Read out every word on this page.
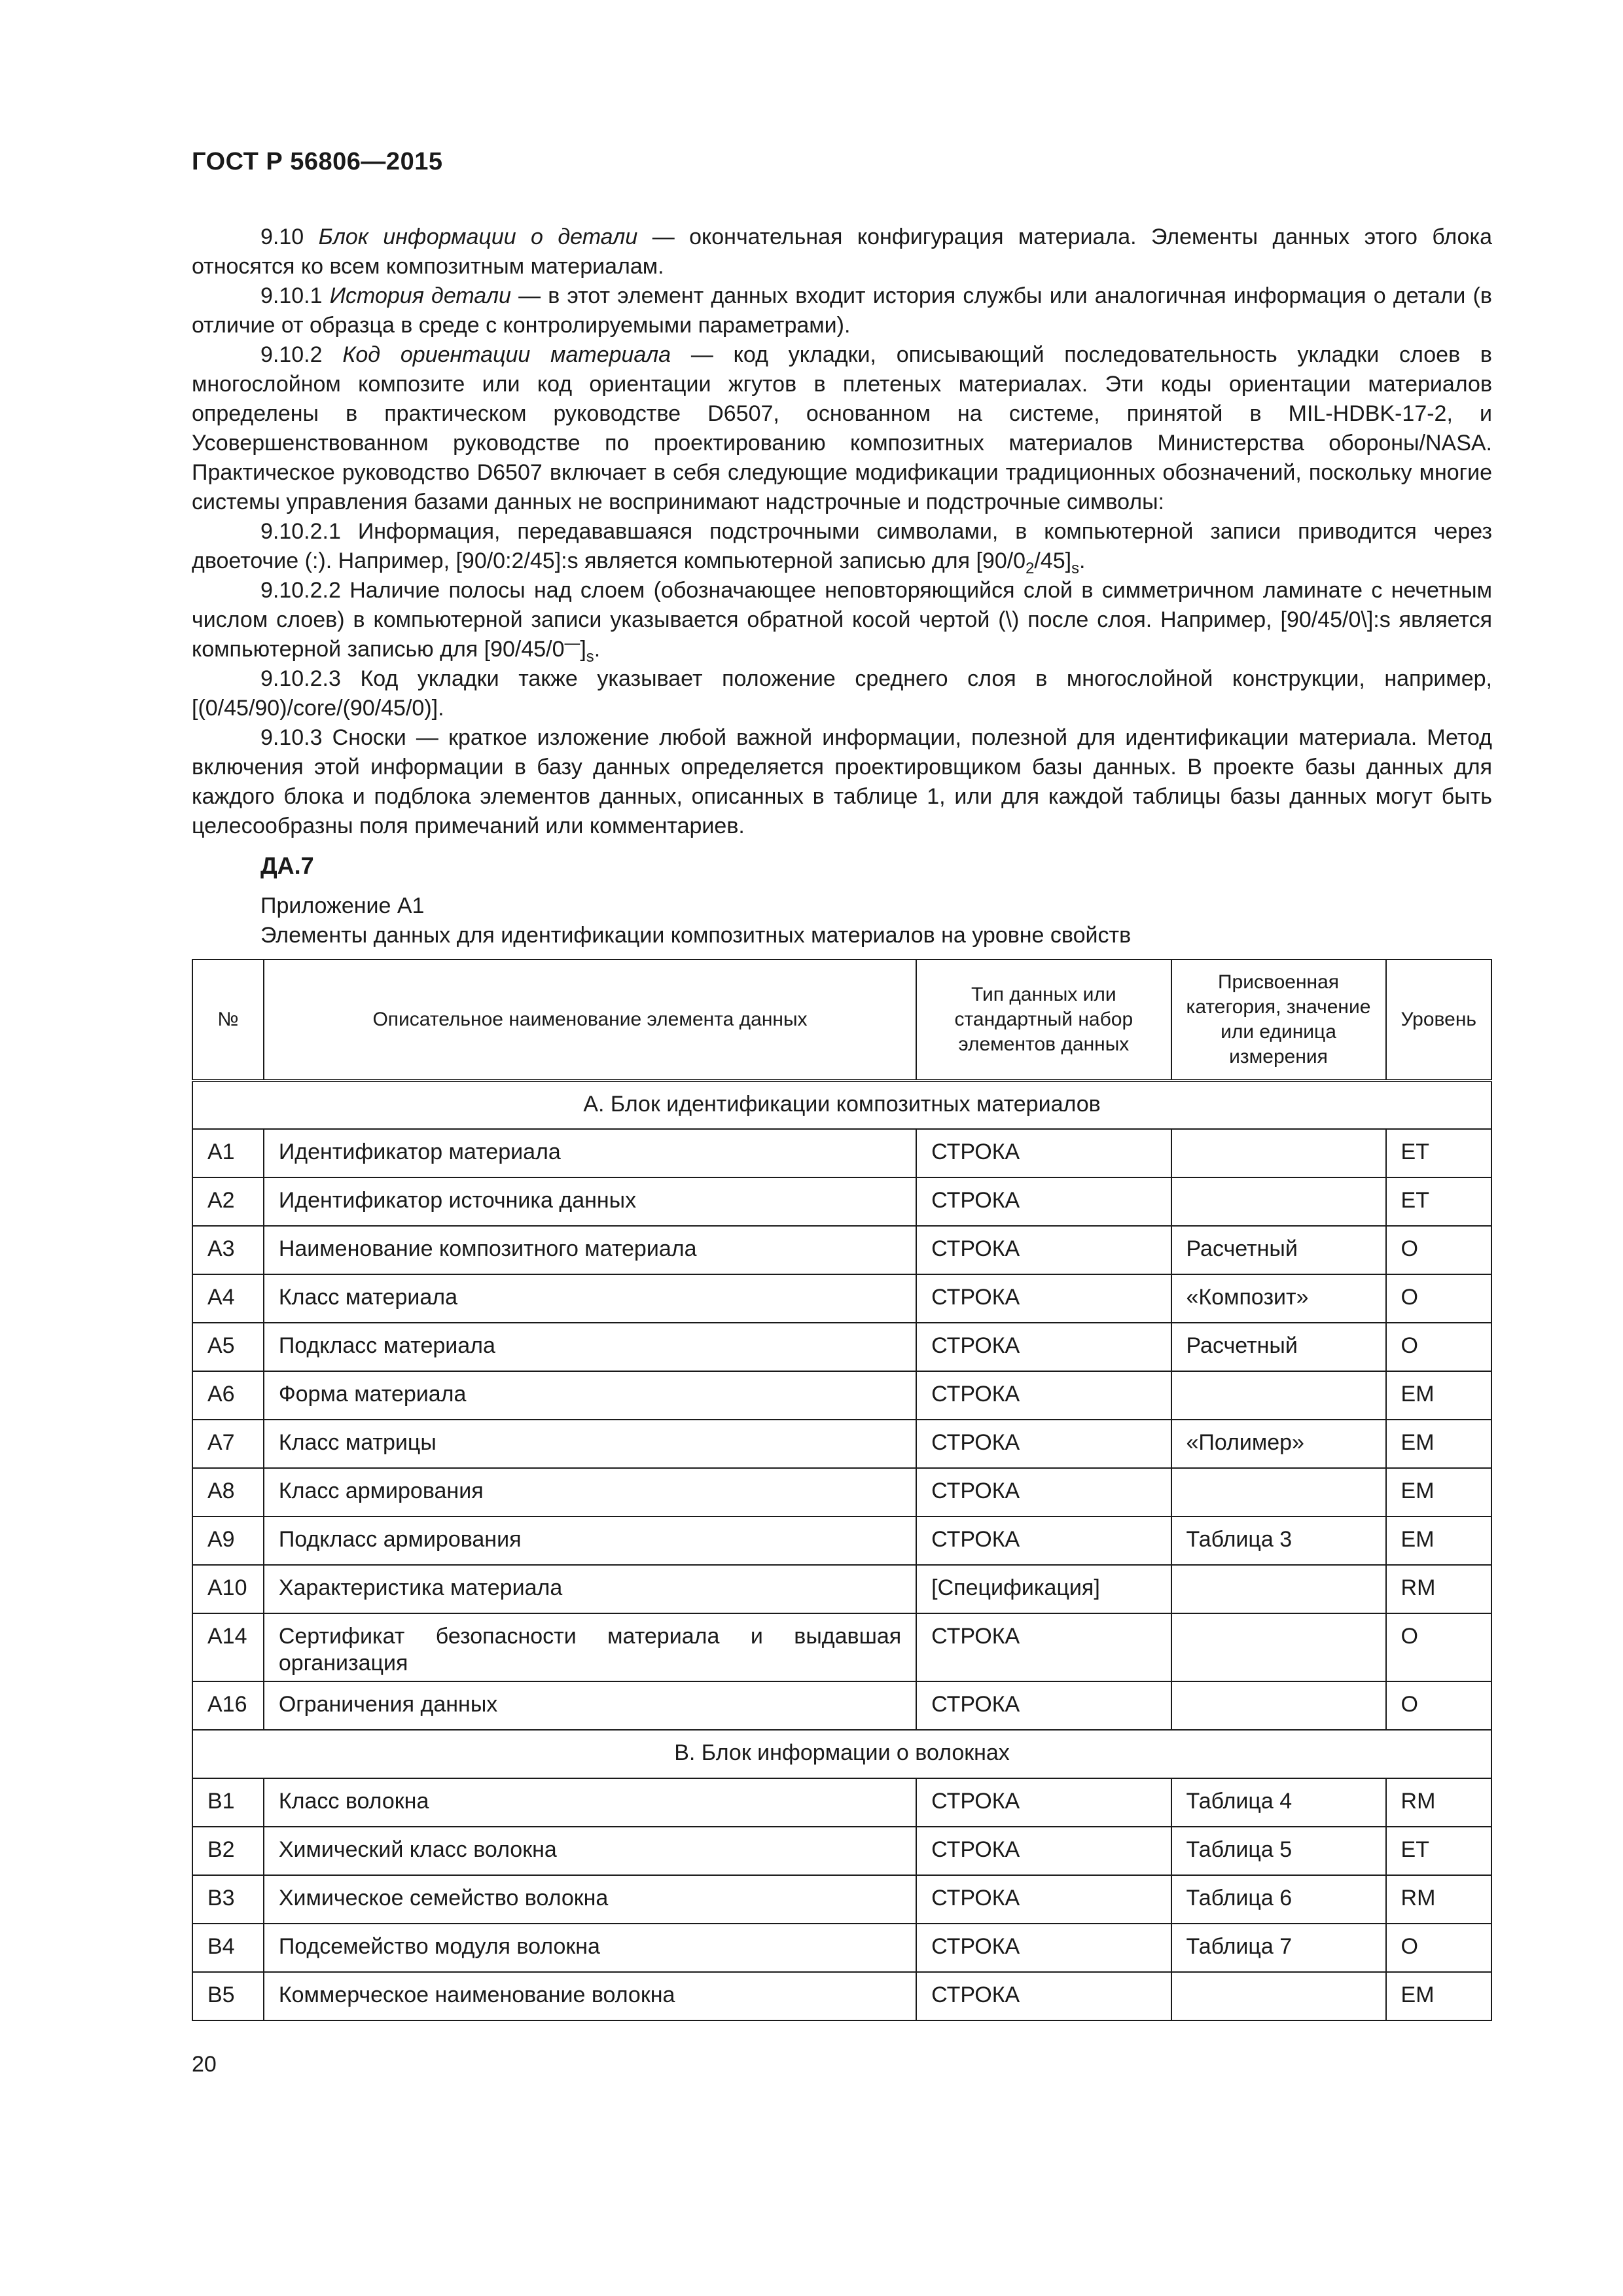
ГОСТ Р 56806—2015

9.10 Блок информации о детали — окончательная конфигурация материала. Элементы данных этого блока относятся ко всем композитным материалам.

9.10.1 История детали — в этот элемент данных входит история службы или аналогичная информация о детали (в отличие от образца в среде с контролируемыми параметрами).

9.10.2 Код ориентации материала — код укладки, описывающий последовательность укладки слоев в многослойном композите или код ориентации жгутов в плетеных материалах. Эти коды ориентации материалов определены в практическом руководстве D6507, основанном на системе, принятой в MIL-HDBK-17-2, и Усовершенствованном руководстве по проектированию композитных материалов Министерства обороны/NASA. Практическое руководство D6507 включает в себя следующие модификации традиционных обозначений, поскольку многие системы управления базами данных не воспринимают надстрочные и подстрочные символы:

9.10.2.1 Информация, передававшаяся подстрочными символами, в компьютерной записи приводится через двоеточие (:). Например, [90/0:2/45]:s является компьютерной записью для $[90/0_2/45]_s$.

9.10.2.2 Наличие полосы над слоем (обозначающее неповторяющийся слой в симметричном ламинате с нечетным числом слоев) в компьютерной записи указывается обратной косой чертой (\) после слоя. Например, [90/45/0\]:s является компьютерной записью для $[90/45/0^—]_s$.

9.10.2.3 Код укладки также указывает положение среднего слоя в многослойной конструкции, например, [(0/45/90)/core/(90/45/0)].

9.10.3 Сноски — краткое изложение любой важной информации, полезной для идентификации материала. Метод включения этой информации в базу данных определяется проектировщиком базы данных. В проекте базы данных для каждого блока и подблока элементов данных, описанных в таблице 1, или для каждой таблицы базы данных могут быть целесообразны поля примечаний или комментариев.

ДА.7
Приложение А1
Элементы данных для идентификации композитных материалов на уровне свойств
№	Описательное наименование элемента данных	Тип данных или стандартный набор элементов данных	Присвоенная категория, значение или единица измерения	Уровень
А. Блок идентификации композитных материалов				
А1	Идентификатор материала	СТРОКА		ЕТ
А2	Идентификатор источника данных	СТРОКА		ЕТ
А3	Наименование композитного материала	СТРОКА	Расчетный	О
А4	Класс материала	СТРОКА	«Композит»	О
А5	Подкласс материала	СТРОКА	Расчетный	О
А6	Форма материала	СТРОКА		ЕМ
А7	Класс матрицы	СТРОКА	«Полимер»	ЕМ
А8	Класс армирования	СТРОКА		ЕМ
А9	Подкласс армирования	СТРОКА	Таблица 3	ЕМ
А10	Характеристика материала	[Спецификация]		RM
А14	Сертификат безопасности материала и выдавшая организация	СТРОКА		О
А16	Ограничения данных	СТРОКА		О
В. Блок информации о волокнах				
В1	Класс волокна	СТРОКА	Таблица 4	RM
В2	Химический класс волокна	СТРОКА	Таблица 5	ЕТ
В3	Химическое семейство волокна	СТРОКА	Таблица 6	RM
В4	Подсемейство модуля волокна	СТРОКА	Таблица 7	О
В5	Коммерческое наименование волокна	СТРОКА		ЕМ
20
